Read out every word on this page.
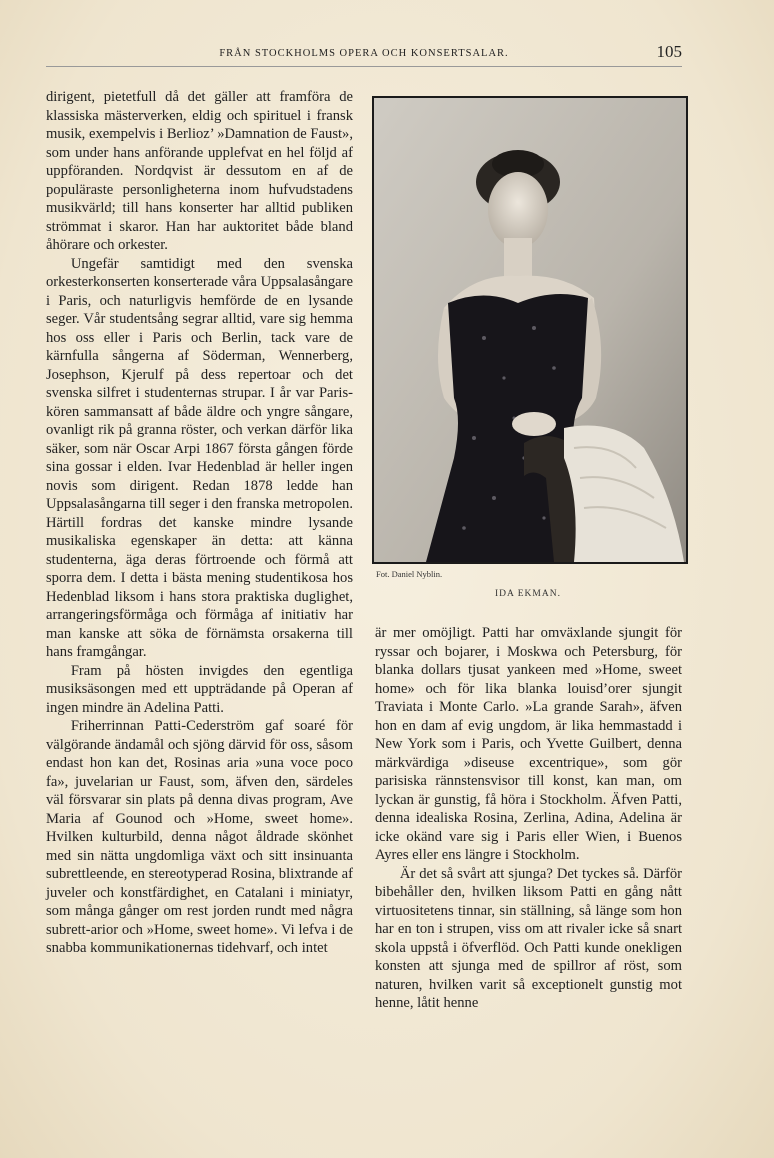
FRÅN STOCKHOLMS OPERA OCH KONSERTSALAR.	105

dirigent, pietetfull då det gäller att framföra de klassiska mästerverken, eldig och spirituel i fransk musik, exempelvis i Berlioz’ »Damnation de Faust», som under hans anförande upplefvat en hel följd af uppföranden. Nordqvist är dessutom en af de populäraste personligheterna inom hufvudstadens musikvärld; till hans konserter har alltid publiken strömmat i skaror. Han har auktoritet både bland åhörare och orkester.

Ungefär samtidigt med den svenska orkesterkonserten konserterade våra Uppsalasångare i Paris, och naturligvis hemförde de en lysande seger. Vår studentsång segrar alltid, vare sig hemma hos oss eller i Paris och Berlin, tack vare de kärnfulla sångerna af Söderman, Wennerberg, Josephson, Kjerulf på dess repertoar och det svenska silfret i studenternas strupar. I år var Paris-kören sammansatt af både äldre och yngre sångare, ovanligt rik på granna röster, och verkan därför lika säker, som när Oscar Arpi 1867 första gången förde sina gossar i elden. Ivar Hedenblad är heller ingen novis som dirigent. Redan 1878 ledde han Uppsalasångarna till seger i den franska metropolen. Härtill fordras det kanske mindre lysande musikaliska egenskaper än detta: att känna studenterna, äga deras förtroende och förmå att sporra dem. I detta i bästa mening studentikosa hos Hedenblad liksom i hans stora praktiska duglighet, arrangeringsförmåga och förmåga af initiativ har man kanske att söka de förnämsta orsakerna till hans framgångar.

Fram på hösten invigdes den egentliga musiksäsongen med ett uppträdande på Operan af ingen mindre än Adelina Patti.

Friherrinnan Patti-Cederström gaf soaré för välgörande ändamål och sjöng därvid för oss, såsom endast hon kan det, Rosinas aria »una voce poco fa», juvelarian ur Faust, som, äfven den, särdeles väl försvarar sin plats på denna divas program, Ave Maria af Gounod och »Home, sweet home». Hvilken kulturbild, denna något åldrade skönhet med sin nätta ungdomliga växt och sitt insinuanta subrettleende, en stereotyperad Rosina, blixtrande af juveler och konstfärdighet, en Catalani i miniatyr, som många gånger om rest jorden rundt med några subrett-arior och »Home, sweet home». Vi lefva i de snabba kommunikationernas tidehvarf, och intet

Fot. Daniel Nyblin.
IDA EKMAN.

är mer omöjligt. Patti har omväxlande sjungit för ryssar och bojarer, i Moskwa och Petersburg, för blanka dollars tjusat yankeen med »Home, sweet home» och för lika blanka louisd’orer sjungit Traviata i Monte Carlo. »La grande Sarah», äfven hon en dam af evig ungdom, är lika hemmastadd i New York som i Paris, och Yvette Guilbert, denna märkvärdiga »diseuse excentrique», som gör parisiska rännstensvisor till konst, kan man, om lyckan är gunstig, få höra i Stockholm. Äfven Patti, denna idealiska Rosina, Zerlina, Adina, Adelina är icke okänd vare sig i Paris eller Wien, i Buenos Ayres eller ens längre i Stockholm.

Är det så svårt att sjunga? Det tyckes så. Därför bibehåller den, hvilken liksom Patti en gång nått virtuositetens tinnar, sin ställning, så länge som hon har en ton i strupen, viss om att rivaler icke så snart skola uppstå i öfverflöd. Och Patti kunde onekligen konsten att sjunga med de spillror af röst, som naturen, hvilken varit så exceptionelt gunstig mot henne, låtit henne
